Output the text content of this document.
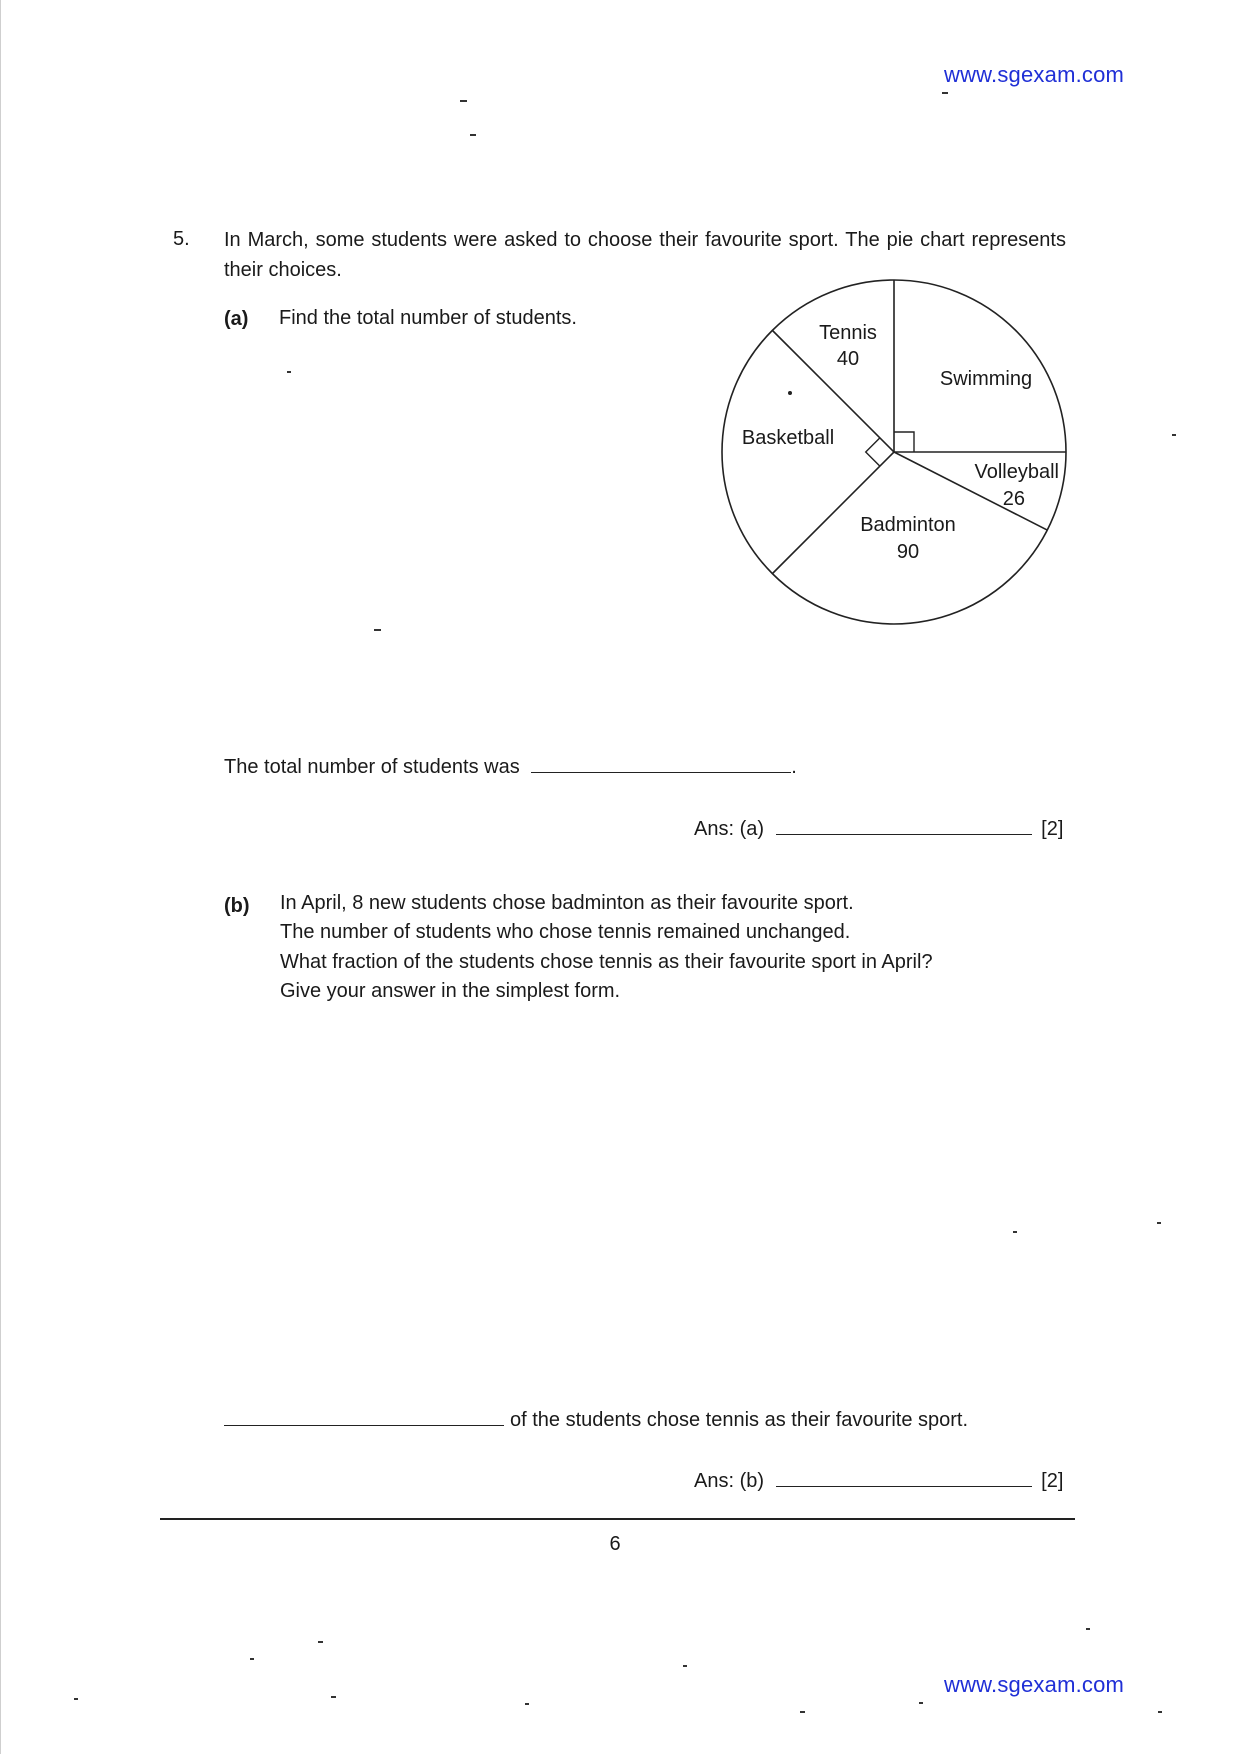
www.sgexam.com
5. In March, some students were asked to choose their favourite sport. The pie chart represents their choices.
(a) Find the total number of students.
Tennis
40
Swimming
Volleyball
26
Badminton
90
Basketball
The total number of students was	.
Ans: (a)	[2]
(b) In April, 8 new students chose badminton as their favourite sport.
The number of students who chose tennis remained unchanged.
What fraction of the students chose tennis as their favourite sport in April?
Give your answer in the simplest form.
of the students chose tennis as their favourite sport.
Ans: (b)	[2]
6
www.sgexam.com
